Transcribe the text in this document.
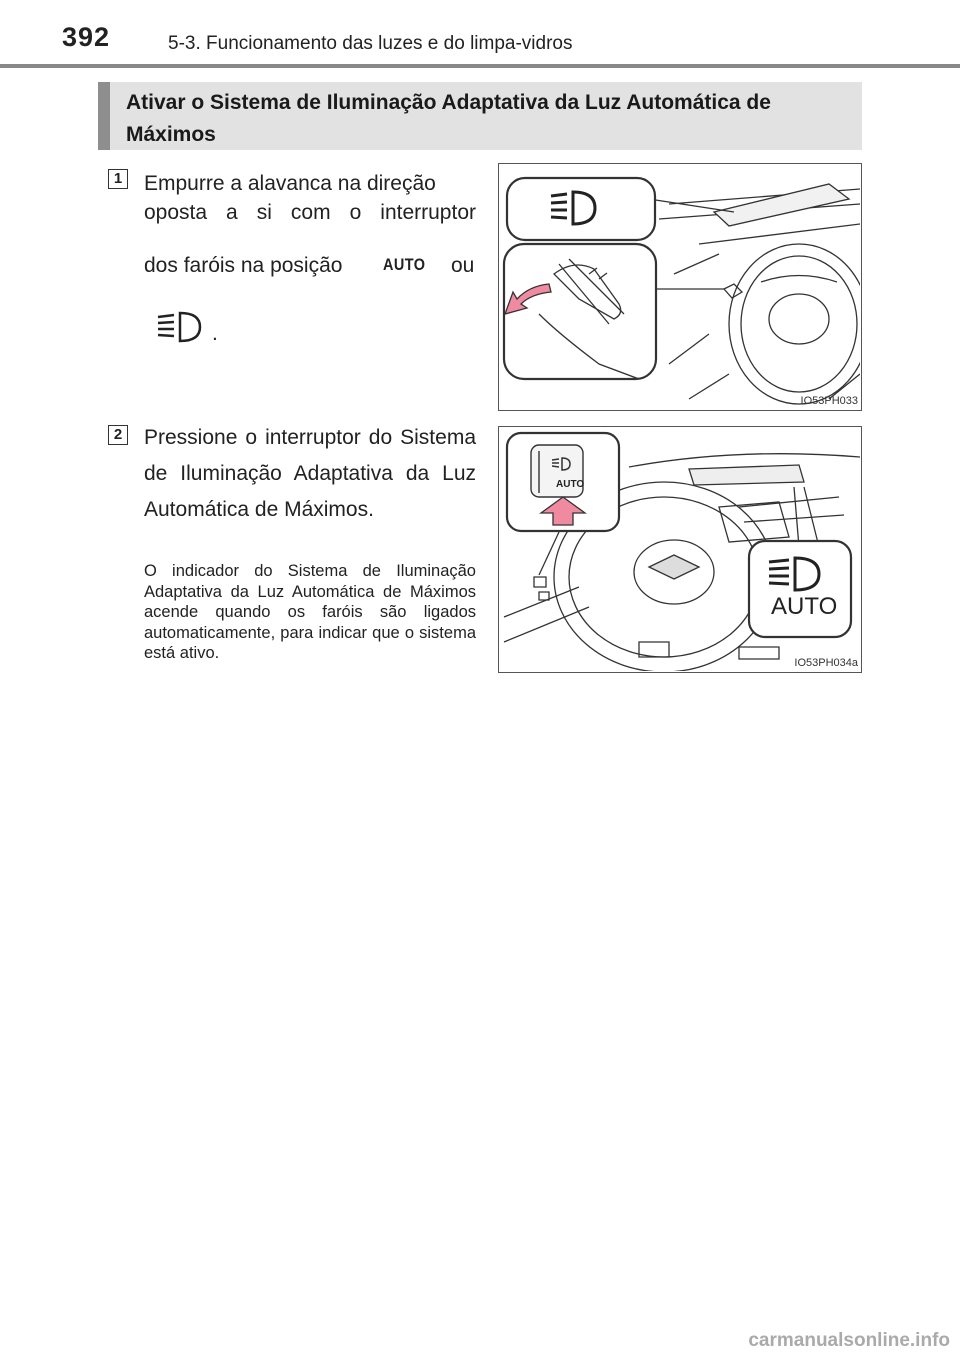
392	5-3. Funcionamento das luzes e do limpa-vidros
Ativar o Sistema de Iluminação Adaptativa da Luz Automática de Máximos
1 Empurre a alavanca na direção
oposta a si com o interruptor
dos faróis na posição AUTO ou
.
IO53PH033
2 Pressione o interruptor do Sistema de Iluminação Adaptativa da Luz Automática de Máximos.
O indicador do Sistema de Iluminação Adaptativa da Luz Automática de Máximos acende quando os faróis são ligados automaticamente, para indicar que o sistema está ativo.
AUTO
AUTO
IO53PH034a
carmanualsonline.info
